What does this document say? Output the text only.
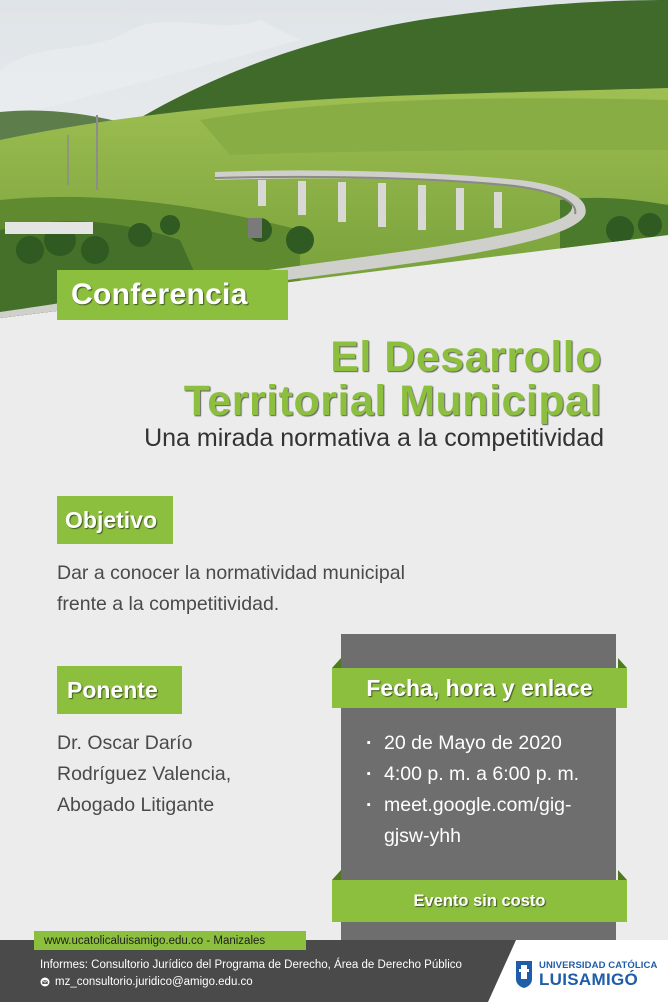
Conferencia
El Desarrollo
Territorial Municipal
Una mirada normativa a la competitividad
Objetivo
Dar a conocer la normatividad municipal
frente a la competitividad.
Ponente
Dr. Oscar Darío
Rodríguez Valencia,
Abogado Litigante
Fecha, hora y enlace
· 20 de Mayo de 2020
· 4:00 p. m. a 6:00 p. m.
· meet.google.com/gig-gjsw-yhh
Evento sin costo
www.ucatolicaluisamigo.edu.co - Manizales
Informes: Consultorio Jurídico del Programa de Derecho, Área de Derecho Público
mz_consultorio.juridico@amigo.edu.co
UNIVERSIDAD CATÓLICA
LUISAMIGÓ
